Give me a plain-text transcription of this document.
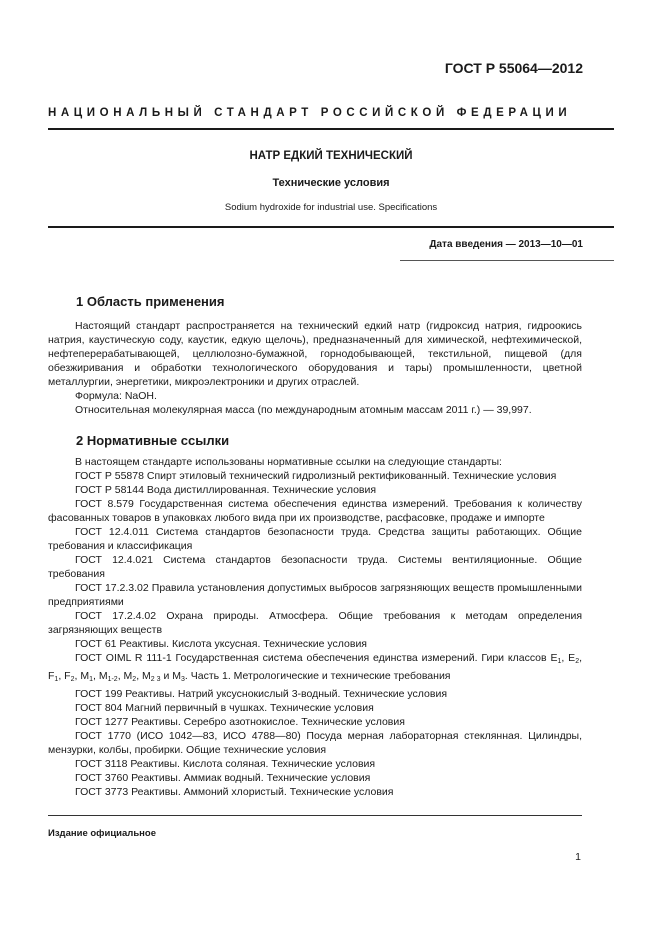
ГОСТ Р 55064—2012
НАЦИОНАЛЬНЫЙ СТАНДАРТ РОССИЙСКОЙ ФЕДЕРАЦИИ
НАТР ЕДКИЙ ТЕХНИЧЕСКИЙ
Технические условия
Sodium hydroxide for industrial use. Specifications
Дата введения — 2013—10—01
1 Область применения

Настоящий стандарт распространяется на технический едкий натр (гидроксид натрия, гидроокись натрия, каустическую соду, каустик, едкую щелочь), предназначенный для химической, нефтехимической, нефтеперерабатывающей, целлюлозно-бумажной, горнодобывающей, текстильной, пищевой (для обезжиривания и обработки технологического оборудования и тары) промышленности, цветной металлургии, энергетики, микроэлектроники и других отраслей.

Формула: NaOH.

Относительная молекулярная масса (по международным атомным массам 2011 г.) — 39,997.

2 Нормативные ссылки

В настоящем стандарте использованы нормативные ссылки на следующие стандарты:

ГОСТ Р 55878 Спирт этиловый технический гидролизный ректификованный. Технические условия

ГОСТ Р 58144 Вода дистиллированная. Технические условия

ГОСТ 8.579 Государственная система обеспечения единства измерений. Требования к количеству фасованных товаров в упаковках любого вида при их производстве, расфасовке, продаже и импорте

ГОСТ 12.4.011 Система стандартов безопасности труда. Средства защиты работающих. Общие требования и классификация

ГОСТ 12.4.021 Система стандартов безопасности труда. Системы вентиляционные. Общие требования

ГОСТ 17.2.3.02 Правила установления допустимых выбросов загрязняющих веществ промышленными предприятиями

ГОСТ 17.2.4.02 Охрана природы. Атмосфера. Общие требования к методам определения загрязняющих веществ

ГОСТ 61 Реактивы. Кислота уксусная. Технические условия

ГОСТ OIML R 111-1 Государственная система обеспечения единства измерений. Гири классов $E_1$, $E_2$, $F_1$, $F_2$, $M_1$, $M_{1-2}$, $M_2$, $M_{2 3}$ и $М_3$. Часть 1. Метрологические и технические требования

ГОСТ 199 Реактивы. Натрий уксуснокислый 3-водный. Технические условия

ГОСТ 804 Магний первичный в чушках. Технические условия

ГОСТ 1277 Реактивы. Серебро азотнокислое. Технические условия

ГОСТ 1770 (ИСО 1042—83, ИСО 4788—80) Посуда мерная лабораторная стеклянная. Цилиндры, мензурки, колбы, пробирки. Общие технические условия

ГОСТ 3118 Реактивы. Кислота соляная. Технические условия

ГОСТ 3760 Реактивы. Аммиак водный. Технические условия

ГОСТ 3773 Реактивы. Аммоний хлористый. Технические условия

Издание официальное
1
